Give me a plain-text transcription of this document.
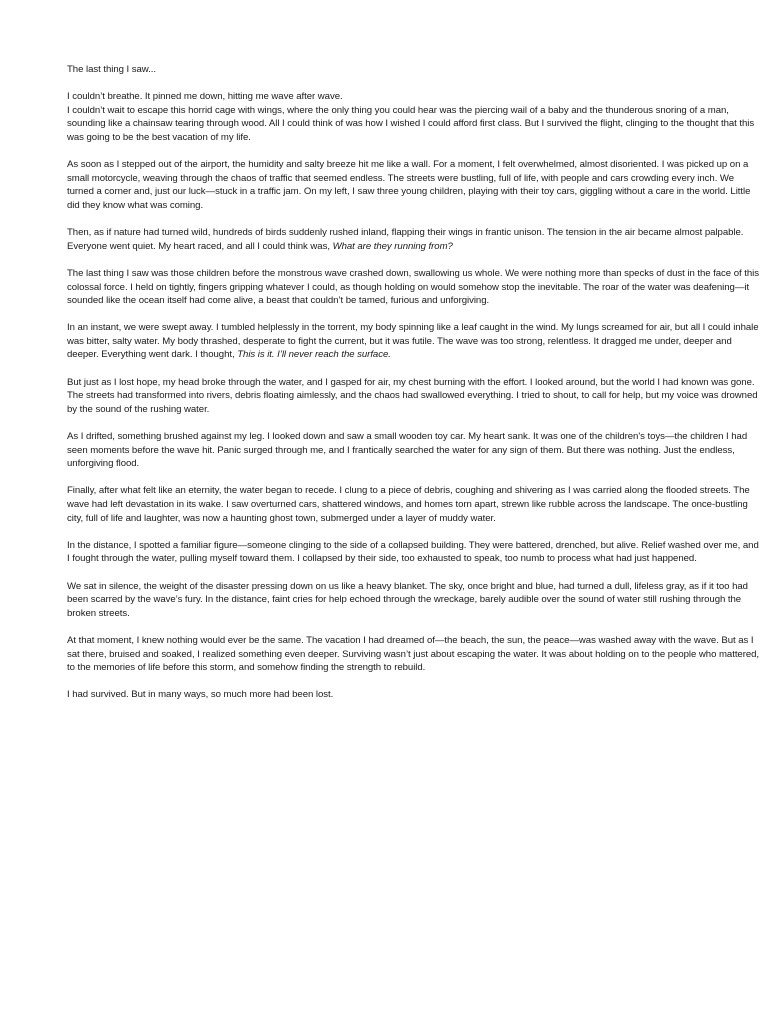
The last thing I saw...

I couldn’t breathe. It pinned me down, hitting me wave after wave.

I couldn’t wait to escape this horrid cage with wings, where the only thing you could hear was the piercing wail of a baby and the thunderous snoring of a man, sounding like a chainsaw tearing through wood. All I could think of was how I wished I could afford first class. But I survived the flight, clinging to the thought that this was going to be the best vacation of my life.

As soon as I stepped out of the airport, the humidity and salty breeze hit me like a wall. For a moment, I felt overwhelmed, almost disoriented. I was picked up on a small motorcycle, weaving through the chaos of traffic that seemed endless. The streets were bustling, full of life, with people and cars crowding every inch. We turned a corner and, just our luck—stuck in a traffic jam. On my left, I saw three young children, playing with their toy cars, giggling without a care in the world. Little did they know what was coming.

Then, as if nature had turned wild, hundreds of birds suddenly rushed inland, flapping their wings in frantic unison. The tension in the air became almost palpable. Everyone went quiet. My heart raced, and all I could think was, What are they running from?

The last thing I saw was those children before the monstrous wave crashed down, swallowing us whole. We were nothing more than specks of dust in the face of this colossal force. I held on tightly, fingers gripping whatever I could, as though holding on would somehow stop the inevitable. The roar of the water was deafening—it sounded like the ocean itself had come alive, a beast that couldn’t be tamed, furious and unforgiving.

In an instant, we were swept away. I tumbled helplessly in the torrent, my body spinning like a leaf caught in the wind. My lungs screamed for air, but all I could inhale was bitter, salty water. My body thrashed, desperate to fight the current, but it was futile. The wave was too strong, relentless. It dragged me under, deeper and deeper. Everything went dark. I thought, This is it. I’ll never reach the surface.

But just as I lost hope, my head broke through the water, and I gasped for air, my chest burning with the effort. I looked around, but the world I had known was gone. The streets had transformed into rivers, debris floating aimlessly, and the chaos had swallowed everything. I tried to shout, to call for help, but my voice was drowned by the sound of the rushing water.

As I drifted, something brushed against my leg. I looked down and saw a small wooden toy car. My heart sank. It was one of the children's toys—the children I had seen moments before the wave hit. Panic surged through me, and I frantically searched the water for any sign of them. But there was nothing. Just the endless, unforgiving flood.

Finally, after what felt like an eternity, the water began to recede. I clung to a piece of debris, coughing and shivering as I was carried along the flooded streets. The wave had left devastation in its wake. I saw overturned cars, shattered windows, and homes torn apart, strewn like rubble across the landscape. The once-bustling city, full of life and laughter, was now a haunting ghost town, submerged under a layer of muddy water.

In the distance, I spotted a familiar figure—someone clinging to the side of a collapsed building. They were battered, drenched, but alive. Relief washed over me, and I fought through the water, pulling myself toward them. I collapsed by their side, too exhausted to speak, too numb to process what had just happened.

We sat in silence, the weight of the disaster pressing down on us like a heavy blanket. The sky, once bright and blue, had turned a dull, lifeless gray, as if it too had been scarred by the wave’s fury. In the distance, faint cries for help echoed through the wreckage, barely audible over the sound of water still rushing through the broken streets.

At that moment, I knew nothing would ever be the same. The vacation I had dreamed of—the beach, the sun, the peace—was washed away with the wave. But as I sat there, bruised and soaked, I realized something even deeper. Surviving wasn’t just about escaping the water. It was about holding on to the people who mattered, to the memories of life before this storm, and somehow finding the strength to rebuild.

I had survived. But in many ways, so much more had been lost.
